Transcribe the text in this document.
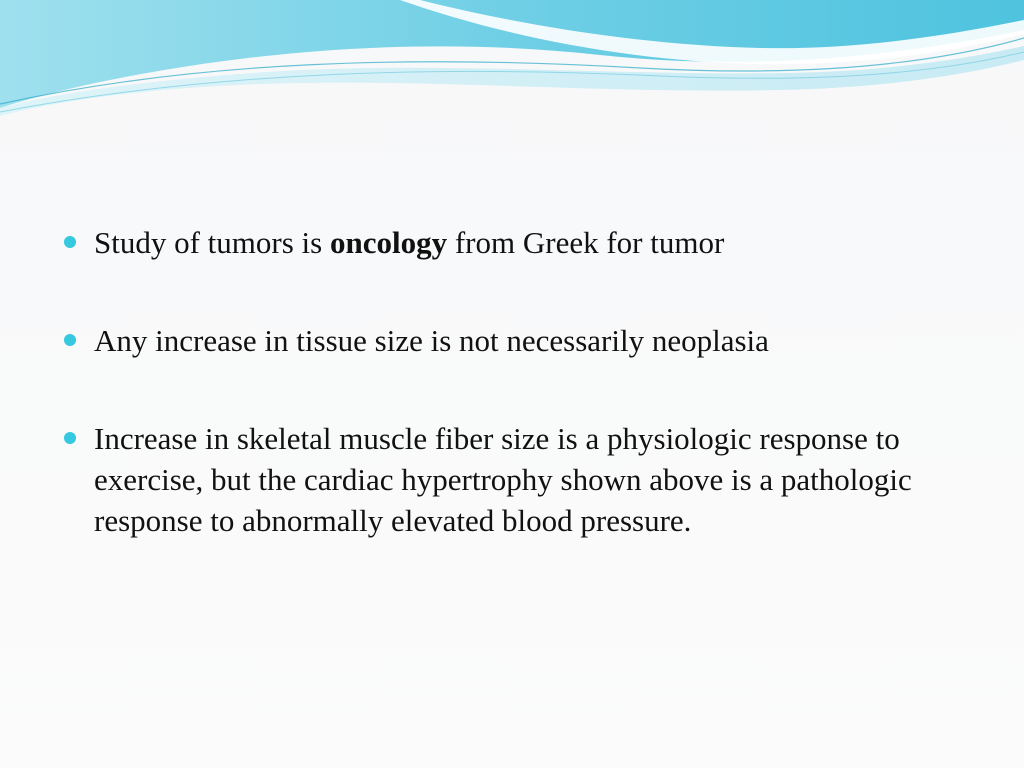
Study of tumors is oncology from Greek for tumor
Any increase in tissue size is not necessarily neoplasia
Increase in skeletal muscle fiber size is a physiologic response to exercise, but the cardiac hypertrophy shown above is a pathologic response to abnormally elevated blood pressure.
